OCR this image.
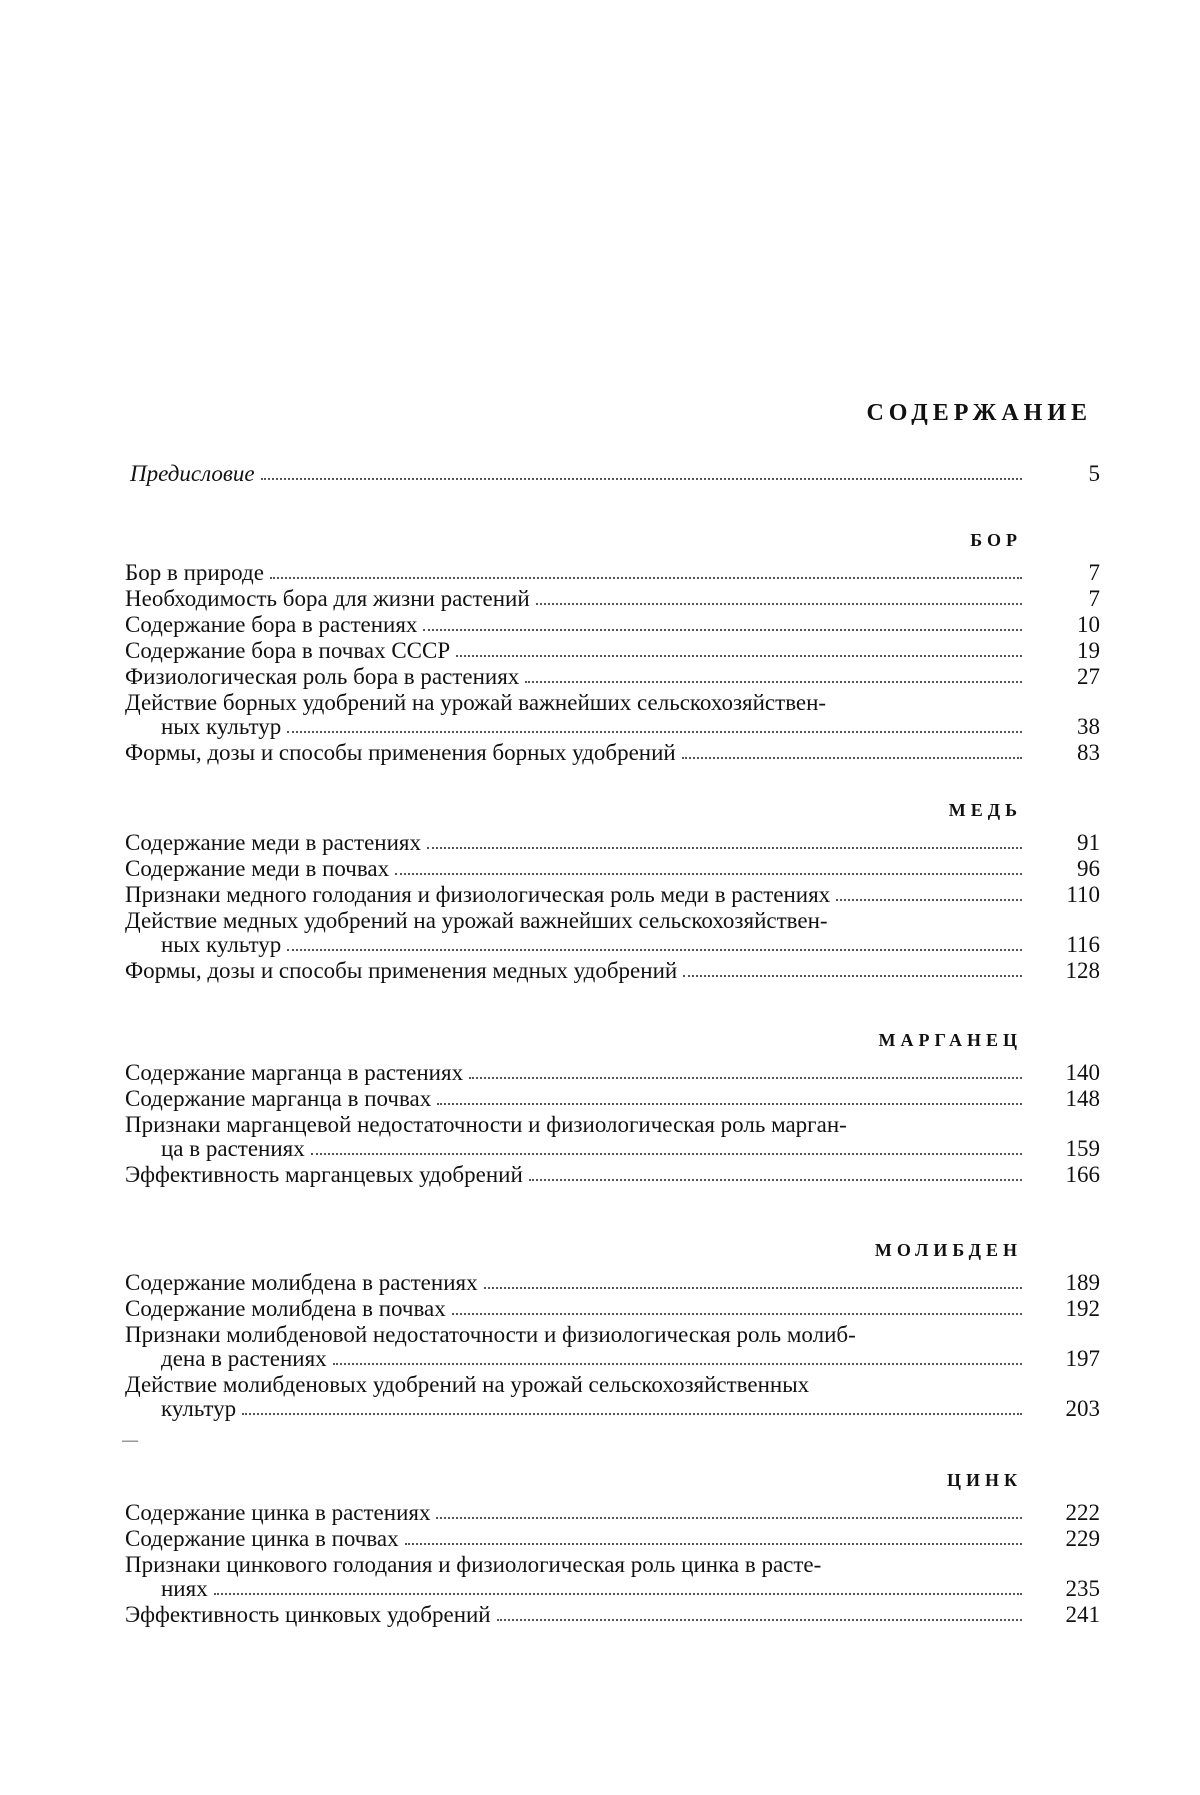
СОДЕРЖАНИЕ
Предисловие	5
БОР
Бор в природе	7
Необходимость бора для жизни растений	7
Содержание бора в растениях	10
Содержание бора в почвах СССР	19
Физиологическая роль бора в растениях	27
Действие борных удобрений на урожай важнейших сельскохозяйствен-
ных культур	38
Формы, дозы и способы применения борных удобрений	83
МЕДЬ
Содержание меди в растениях	91
Содержание меди в почвах	96
Признаки медного голодания и физиологическая роль меди в растениях	110
Действие медных удобрений на урожай важнейших сельскохозяйствен-
ных культур	116
Формы, дозы и способы применения медных удобрений	128
МАРГАНЕЦ
Содержание марганца в растениях	140
Содержание марганца в почвах	148
Признаки марганцевой недостаточности и физиологическая роль марган-
ца в растениях	159
Эффективность марганцевых удобрений	166
МОЛИБДЕН
Содержание молибдена в растениях	189
Содержание молибдена в почвах	192
Признаки молибденовой недостаточности и физиологическая роль молиб-
дена в растениях	197
Действие молибденовых удобрений на урожай сельскохозяйственных
культур	203
ЦИНК
Содержание цинка в растениях	222
Содержание цинка в почвах	229
Признаки цинкового голодания и физиологическая роль цинка в расте-
ниях	235
Эффективность цинковых удобрений	241
—
